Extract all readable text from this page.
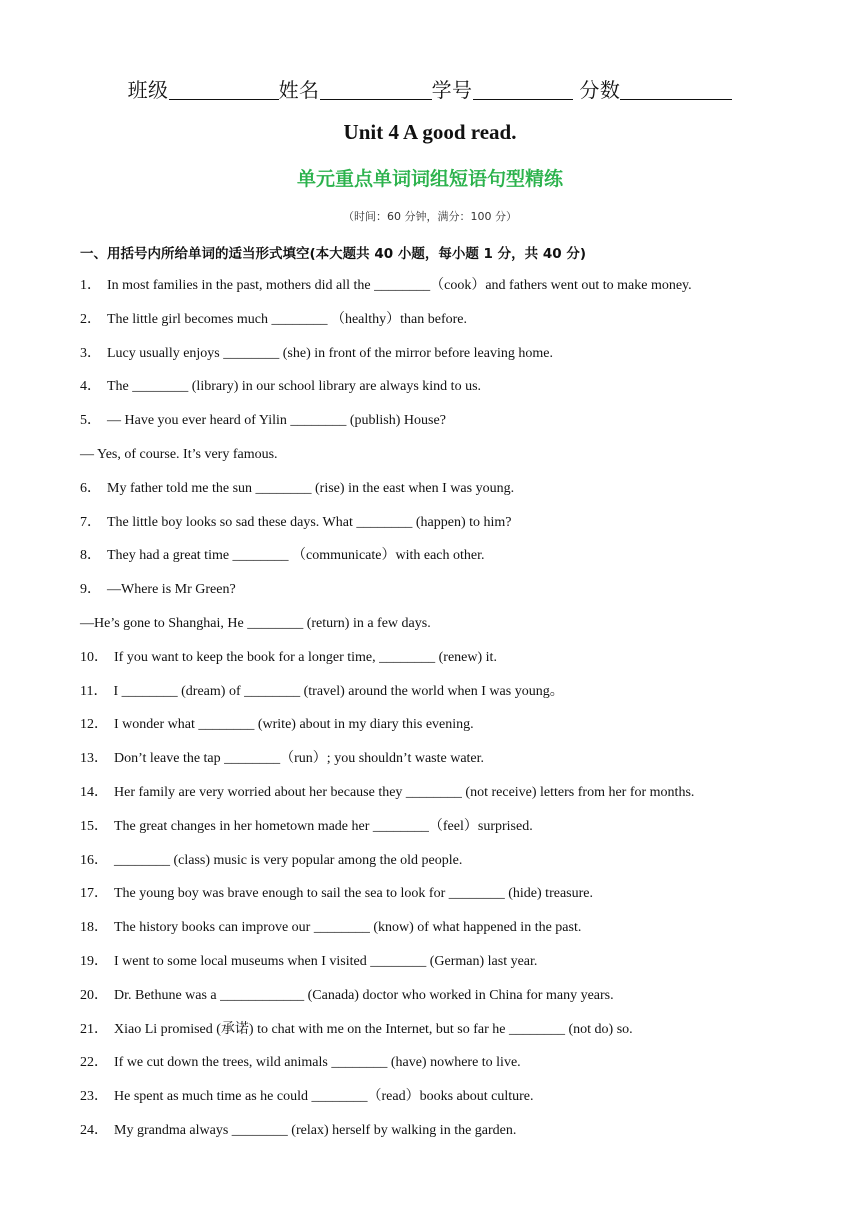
班级	姓名	学号	分数
Unit 4 A good read.
单元重点单词词组短语句型精练
（时间：60 分钟，满分：100 分）
一、用括号内所给单词的适当形式填空(本大题共 40 小题，每小题 1 分，共 40 分)
1． In most families in the past, mothers did all the ________（cook）and fathers went out to make money.
2． The little girl becomes much ________ （healthy）than before.
3． Lucy usually enjoys ________ (she) in front of the mirror before leaving home.
4． The ________ (library) in our school library are always kind to us.
5． — Have you ever heard of Yilin ________ (publish) House?
— Yes, of course. It’s very famous.
6． My father told me the sun ________ (rise) in the east when I was young.
7． The little boy looks so sad these days. What ________ (happen) to him?
8． They had a great time ________ （communicate）with each other.
9． —Where is Mr Green?
—He’s gone to Shanghai, He ________ (return) in a few days.
10． If you want to keep the book for a longer time, ________ (renew) it.
11． I ________ (dream) of ________ (travel) around the world when I was young。
12． I wonder what ________ (write) about in my diary this evening.
13． Don’t leave the tap ________（run）; you shouldn’t waste water.
14． Her family are very worried about her because they ________ (not receive) letters from her for months.
15． The great changes in her hometown made her ________（feel）surprised.
16． ________ (class) music is very popular among the old people.
17． The young boy was brave enough to sail the sea to look for ________ (hide) treasure.
18． The history books can improve our ________ (know) of what happened in the past.
19． I went to some local museums when I visited ________ (German) last year.
20． Dr. Bethune was a ____________ (Canada) doctor who worked in China for many years.
21． Xiao Li promised (承诺) to chat with me on the Internet, but so far he ________ (not do) so.
22． If we cut down the trees, wild animals ________ (have) nowhere to live.
23． He spent as much time as he could ________（read）books about culture.
24． My grandma always ________ (relax) herself by walking in the garden.
